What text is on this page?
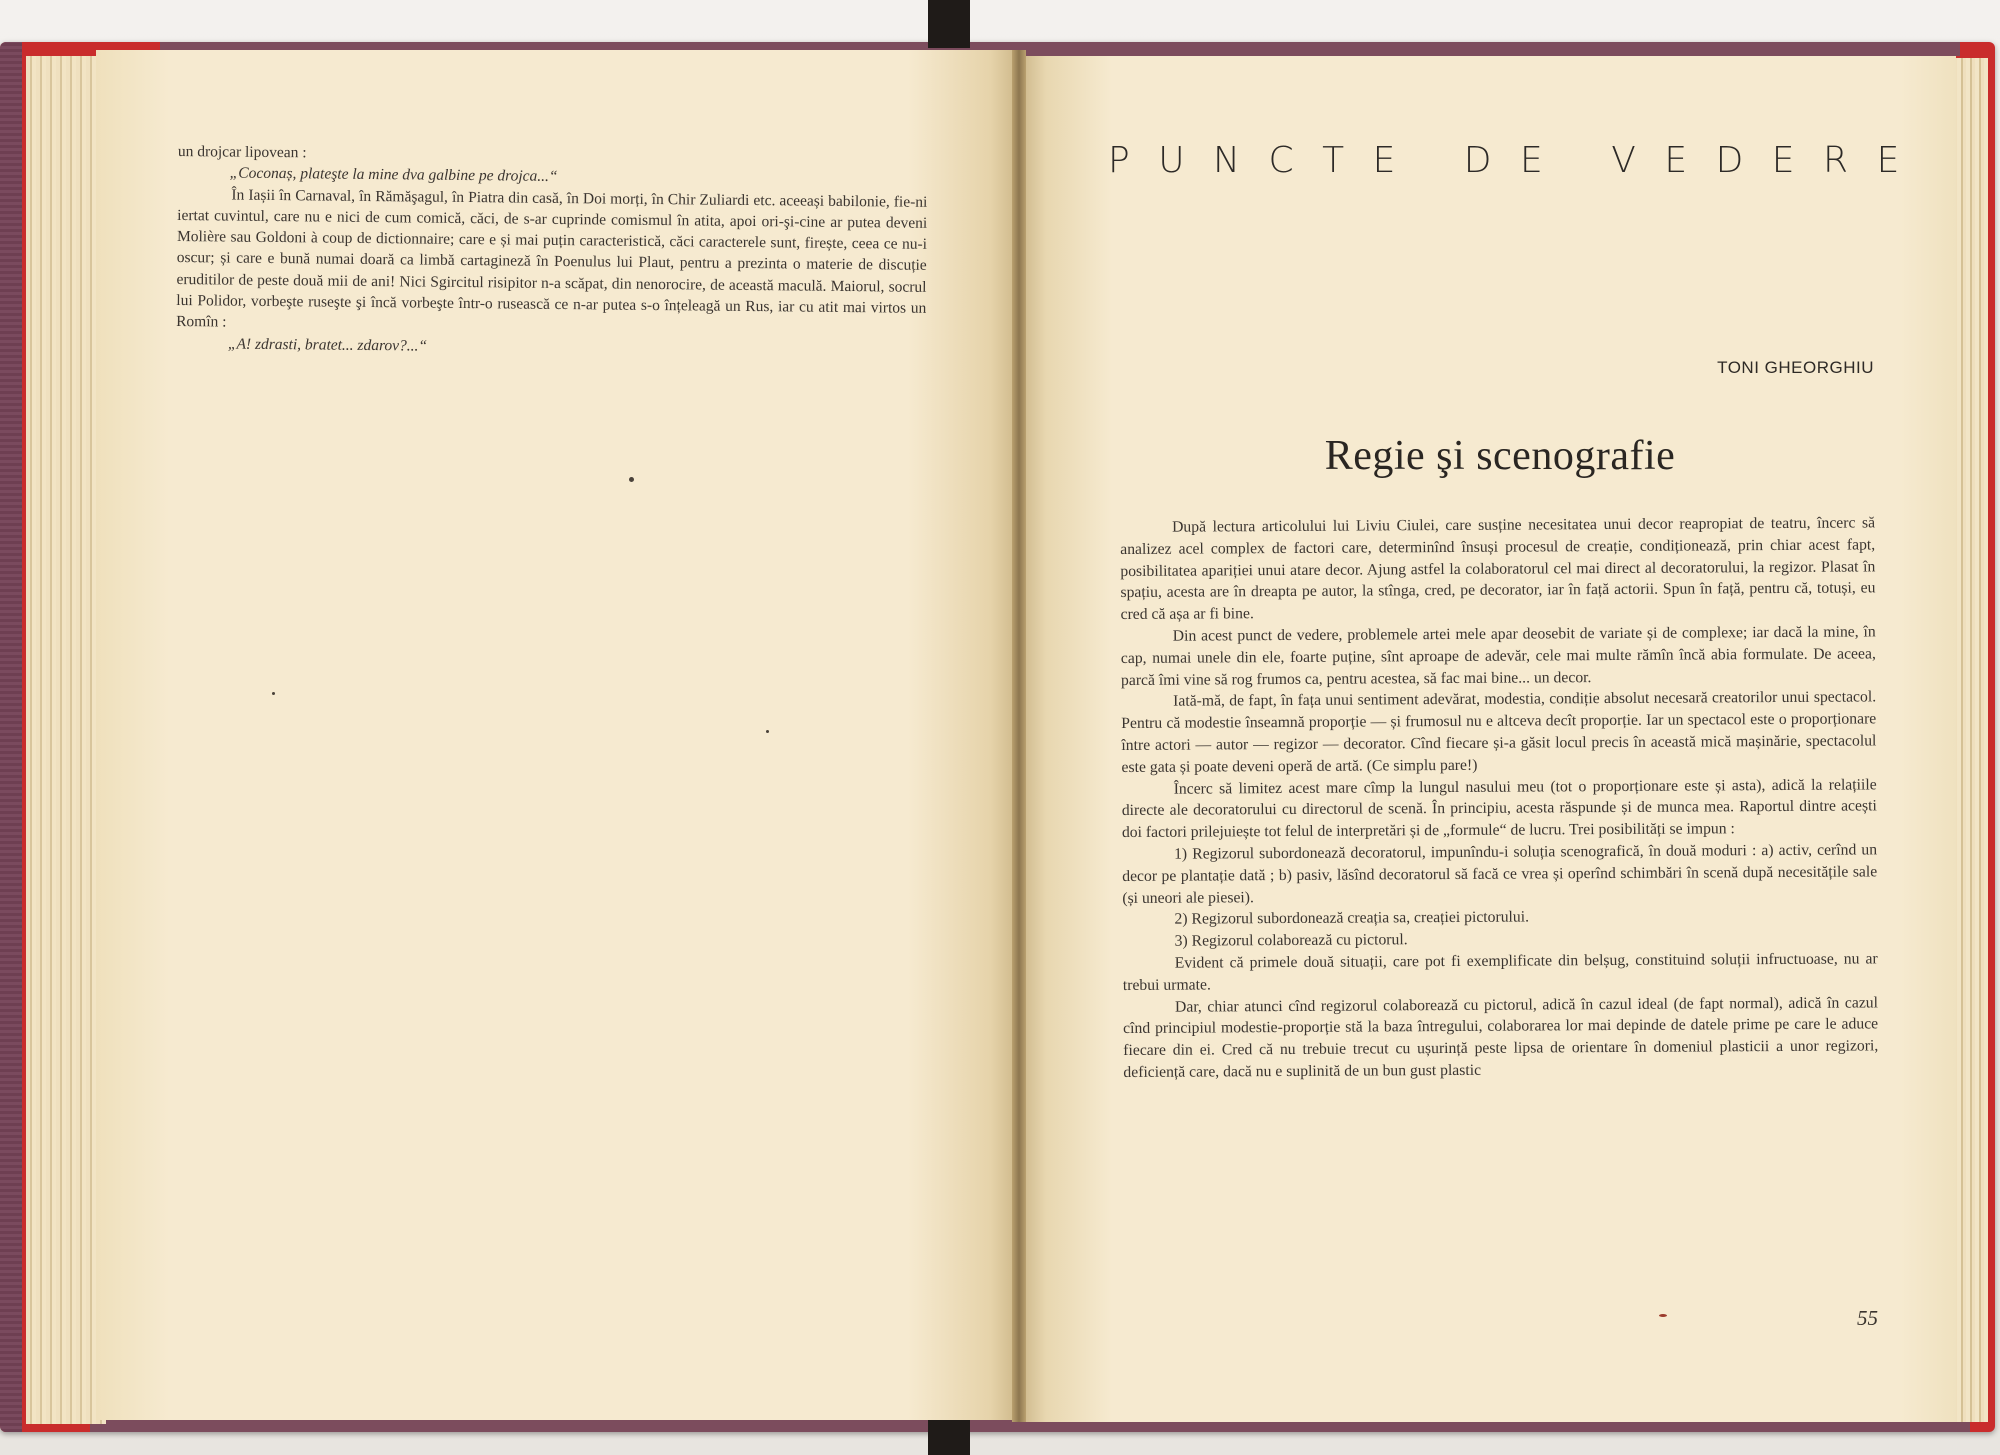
un drojcar lipovean :

„Coconaș, plateşte la mine dva galbine pe drojca...“

În Iașii în Carnaval, în Rămăşagul, în Piatra din casă, în Doi morți, în Chir Zuliardi etc. aceeași babilonie, fie-ni iertat cuvintul, care nu e nici de cum comică, căci, de s-ar cuprinde comismul în atita, apoi ori-şi-cine ar putea deveni Molière sau Goldoni à coup de dictionnaire; care e și mai puțin caracteristică, căci caracterele sunt, firește, ceea ce nu-i oscur; și care e bună numai doară ca limbă cartagineză în Poenulus lui Plaut, pentru a prezinta o materie de discuție eruditilor de peste două mii de ani! Nici Sgircitul risipitor n-a scăpat, din nenorocire, de această maculă. Maiorul, socrul lui Polidor, vorbeşte ruseşte şi încă vorbeşte într-o rusească ce n-ar putea s-o înțeleagă un Rus, iar cu atit mai virtos un Romîn :

„A! zdrasti, bratet... zdarov?...“

PUNCTE DE VEDERE
TONI GHEORGHIU
Regie şi scenografie

După lectura articolului lui Liviu Ciulei, care susține necesitatea unui decor reapropiat de teatru, încerc să analizez acel complex de factori care, determinînd însuși procesul de creație, condiționează, prin chiar acest fapt, posibilitatea apariției unui atare decor. Ajung astfel la colaboratorul cel mai direct al decoratorului, la regizor. Plasat în spațiu, acesta are în dreapta pe autor, la stînga, cred, pe decorator, iar în față actorii. Spun în față, pentru că, totuși, eu cred că așa ar fi bine.

Din acest punct de vedere, problemele artei mele apar deosebit de variate și de complexe; iar dacă la mine, în cap, numai unele din ele, foarte puține, sînt aproape de adevăr, cele mai multe rămîn încă abia formulate. De aceea, parcă îmi vine să rog frumos ca, pentru acestea, să fac mai bine... un decor.

Iată-mă, de fapt, în fața unui sentiment adevărat, modestia, condiție absolut necesară creatorilor unui spectacol. Pentru că modestie înseamnă proporție — și frumosul nu e altceva decît proporție. Iar un spectacol este o proporționare între actori — autor — regizor — decorator. Cînd fiecare și-a găsit locul precis în această mică mașinărie, spectacolul este gata și poate deveni operă de artă. (Ce simplu pare!)

Încerc să limitez acest mare cîmp la lungul nasului meu (tot o proporționare este și asta), adică la relațiile directe ale decoratorului cu directorul de scenă. În principiu, acesta răspunde și de munca mea. Raportul dintre acești doi factori prilejuiește tot felul de interpretări și de „formule“ de lucru. Trei posibilități se impun :

1) Regizorul subordonează decoratorul, impunîndu-i soluția scenografică, în două moduri : a) activ, cerînd un decor pe plantație dată ; b) pasiv, lăsînd decoratorul să facă ce vrea și operînd schimbări în scenă după necesitățile sale (și uneori ale piesei).

2) Regizorul subordonează creația sa, creației pictorului.

3) Regizorul colaborează cu pictorul.

Evident că primele două situații, care pot fi exemplificate din belșug, constituind soluții infructuoase, nu ar trebui urmate.

Dar, chiar atunci cînd regizorul colaborează cu pictorul, adică în cazul ideal (de fapt normal), adică în cazul cînd principiul modestie-proporție stă la baza întregului, colaborarea lor mai depinde de datele prime pe care le aduce fiecare din ei. Cred că nu trebuie trecut cu ușurință peste lipsa de orientare în domeniul plasticii a unor regizori, deficiență care, dacă nu e suplinită de un bun gust plastic

55
